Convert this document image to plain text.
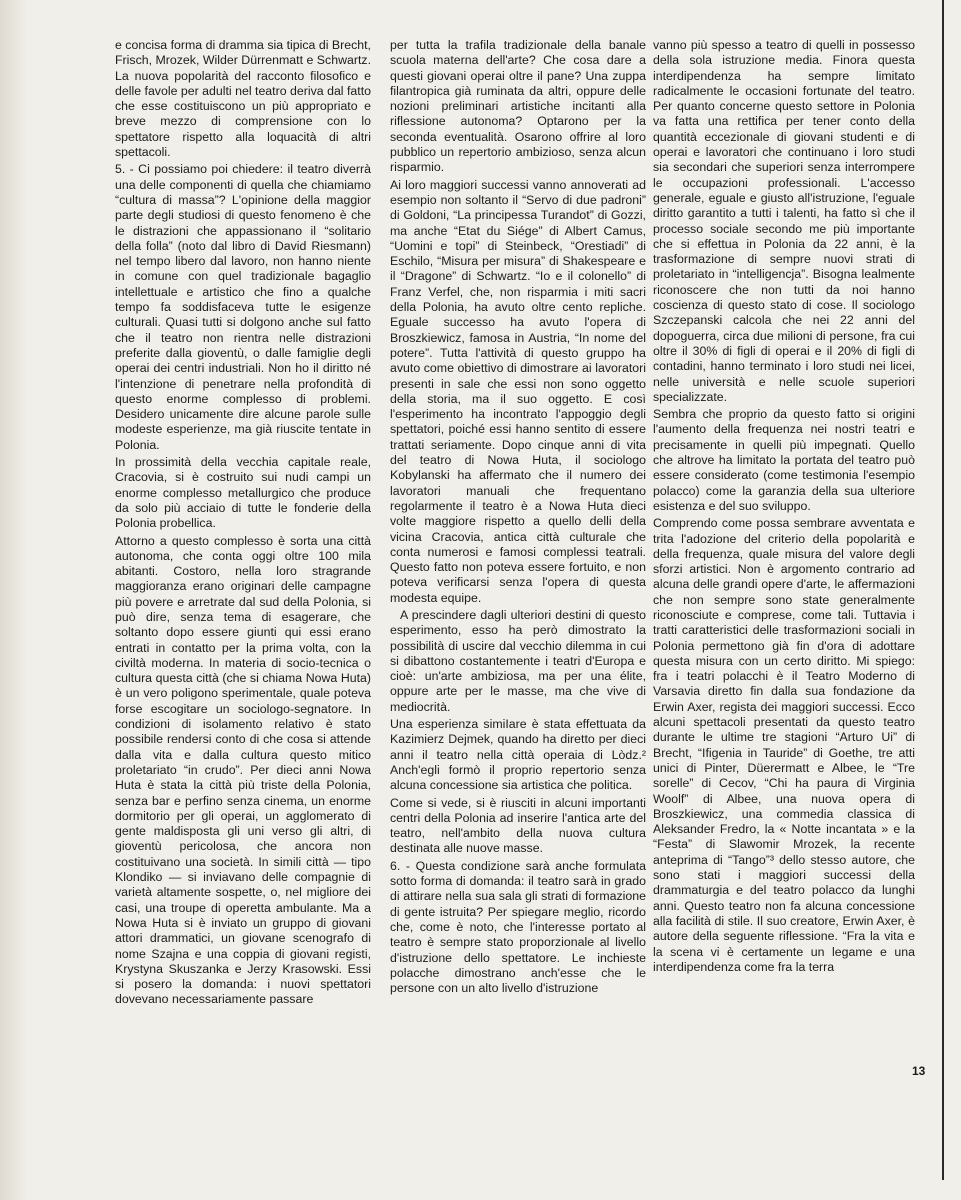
e concisa forma di dramma sia tipica di Brecht, Frisch, Mrozek, Wilder Dürrenmatt e Schwartz. La nuova popolarità del racconto filosofico e delle favole per adulti nel teatro deriva dal fatto che esse costituiscono un più appropriato e breve mezzo di comprensione con lo spettatore rispetto alla loquacità di altri spettacoli.

5. - Ci possiamo poi chiedere: il teatro diverrà una delle componenti di quella che chiamiamo “cultura di massa”? L'opinione della maggior parte degli studiosi di questo fenomeno è che le distrazioni che appassionano il “solitario della folla” (noto dal libro di David Riesmann) nel tempo libero dal lavoro, non hanno niente in comune con quel tradizionale bagaglio intellettuale e artistico che fino a qualche tempo fa soddisfaceva tutte le esigenze culturali. Quasi tutti si dolgono anche sul fatto che il teatro non rientra nelle distrazioni preferite dalla gioventù, o dalle famiglie degli operai dei centri industriali. Non ho il diritto né l'intenzione di penetrare nella profondità di questo enorme complesso di problemi. Desidero unicamente dire alcune parole sulle modeste esperienze, ma già riuscite tentate in Polonia.

In prossimità della vecchia capitale reale, Cracovia, si è costruito sui nudi campi un enorme complesso metallurgico che produce da solo più acciaio di tutte le fonderie della Polonia probellica.

Attorno a questo complesso è sorta una città autonoma, che conta oggi oltre 100 mila abitanti. Costoro, nella loro stragrande maggioranza erano originari delle campagne più povere e arretrate dal sud della Polonia, si può dire, senza tema di esagerare, che soltanto dopo essere giunti qui essi erano entrati in contatto per la prima volta, con la civiltà moderna. In materia di socio-tecnica o cultura questa città (che si chiama Nowa Huta) è un vero poligono sperimentale, quale poteva forse escogitare un sociologo-segnatore. In condizioni di isolamento relativo è stato possibile rendersi conto di che cosa si attende dalla vita e dalla cultura questo mitico proletariato “in crudo”. Per dieci anni Nowa Huta è stata la città più triste della Polonia, senza bar e perfino senza cinema, un enorme dormitorio per gli operai, un agglomerato di gente maldisposta gli uni verso gli altri, di gioventù pericolosa, che ancora non costituivano una società. In simili città — tipo Klondiko — si inviavano delle compagnie di varietà altamente sospette, o, nel migliore dei casi, una troupe di operetta ambulante. Ma a Nowa Huta si è inviato un gruppo di giovani attori drammatici, un giovane scenografo di nome Szajna e una coppia di giovani registi, Krystyna Skuszanka e Jerzy Krasowski. Essi si posero la domanda: i nuovi spettatori dovevano necessariamente passare

per tutta la trafila tradizionale della banale scuola materna dell'arte? Che cosa dare a questi giovani operai oltre il pane? Una zuppa filantropica già ruminata da altri, oppure delle nozioni preliminari artistiche incitanti alla riflessione autonoma? Optarono per la seconda eventualità. Osarono offrire al loro pubblico un repertorio ambizioso, senza alcun risparmio.

Ai loro maggiori successi vanno annoverati ad esempio non soltanto il “Servo di due padroni” di Goldoni, “La principessa Turandot” di Gozzi, ma anche “Etat du Siége” di Albert Camus, “Uomini e topi” di Steinbeck, “Orestiadi” di Eschilo, “Misura per misura” di Shakespeare e il “Dragone” di Schwartz. “Io e il colonello” di Franz Verfel, che, non risparmia i miti sacri della Polonia, ha avuto oltre cento repliche. Eguale successo ha avuto l'opera di Broszkiewicz, famosa in Austria, “In nome del potere”. Tutta l'attività di questo gruppo ha avuto come obiettivo di dimostrare ai lavoratori presenti in sale che essi non sono oggetto della storia, ma il suo oggetto. E così l'esperimento ha incontrato l'appoggio degli spettatori, poiché essi hanno sentito di essere trattati seriamente. Dopo cinque anni di vita del teatro di Nowa Huta, il sociologo Kobylanski ha affermato che il numero dei lavoratori manuali che frequentano regolarmente il teatro è a Nowa Huta dieci volte maggiore rispetto a quello delli della vicina Cracovia, antica città culturale che conta numerosi e famosi complessi teatrali. Questo fatto non poteva essere fortuito, e non poteva verificarsi senza l'opera di questa modesta equipe.

A prescindere dagli ulteriori destini di questo esperimento, esso ha però dimostrato la possibilità di uscire dal vecchio dilemma in cui si dibattono costantemente i teatri d'Europa e cioè: un'arte ambiziosa, ma per una élite, oppure arte per le masse, ma che vive di mediocrità.

Una esperienza simiIare è stata effettuata da Kazimierz Dejmek, quando ha diretto per dieci anni il teatro nella città operaia di Lòdz.² Anch'egli formò il proprio repertorio senza alcuna concessione sia artistica che politica.

Come si vede, si è riusciti in alcuni importanti centri della Polonia ad inserire l'antica arte del teatro, nell'ambito della nuova cultura destinata alle nuove masse.

6. - Questa condizione sarà anche formulata sotto forma di domanda: il teatro sarà in grado di attirare nella sua sala gli strati di formazione di gente istruita? Per spiegare meglio, ricordo che, come è noto, che l'interesse portato al teatro è sempre stato proporzionale al livello d'istruzione dello spettatore. Le inchieste polacche dimostrano anch'esse che le persone con un alto livello d'istruzione

vanno più spesso a teatro di quelli in possesso della sola istruzione media. Finora questa interdipendenza ha sempre limitato radicalmente le occasioni fortunate del teatro. Per quanto concerne questo settore in Polonia va fatta una rettifica per tener conto della quantità eccezionale di giovani studenti e di operai e lavoratori che continuano i loro studi sia secondari che superiori senza interrompere le occupazioni professionali. L'accesso generale, eguale e giusto all'istruzione, l'eguale diritto garantito a tutti i talenti, ha fatto sì che il processo sociale secondo me più importante che si effettua in Polonia da 22 anni, è la trasformazione di sempre nuovi strati di proletariato in “intelligencja”. Bisogna lealmente riconoscere che non tutti da noi hanno coscienza di questo stato di cose. Il sociologo Szczepanski calcola che nei 22 anni del dopoguerra, circa due milioni di persone, fra cui oltre il 30% di figli di operai e il 20% di figli di contadini, hanno terminato i loro studi nei licei, nelle università e nelle scuole superiori specializzate.

Sembra che proprio da questo fatto si origini l'aumento della frequenza nei nostri teatri e precisamente in quelli più impegnati. Quello che altrove ha limitato la portata del teatro può essere considerato (come testimonia l'esempio polacco) come la garanzia della sua ulteriore esistenza e del suo sviluppo.

Comprendo come possa sembrare avventata e trita l'adozione del criterio della popolarità e della frequenza, quale misura del valore degli sforzi artistici. Non è argomento contrario ad alcuna delle grandi opere d'arte, le affermazioni che non sempre sono state generalmente riconosciute e comprese, come tali. Tuttavia i tratti caratteristici delle trasformazioni sociali in Polonia permettono già fin d'ora di adottare questa misura con un certo diritto. Mi spiego: fra i teatri polacchi è il Teatro Moderno di Varsavia diretto fin dalla sua fondazione da Erwin Axer, regista dei maggiori successi. Ecco alcuni spettacoli presentati da questo teatro durante le ultime tre stagioni “Arturo Ui” di Brecht, “Ifigenia in Tauride” di Goethe, tre atti unici di Pinter, Düerermatt e Albee, le “Tre sorelle” di Cecov, “Chi ha paura di Virginia Woolf” di Albee, una nuova opera di Broszkiewicz, una commedia classica di Aleksander Fredro, la « Notte incantata » e la “Festa” di Slawomir Mrozek, la recente anteprima di “Tango”³ dello stesso autore, che sono stati i maggiori successi della drammaturgia e del teatro polacco da lunghi anni. Questo teatro non fa alcuna concessione alla facilità di stile. Il suo creatore, Erwin Axer, è autore della seguente riflessione. “Fra la vita e la scena vi è certamente un legame e una interdipendenza come fra la terra

13
